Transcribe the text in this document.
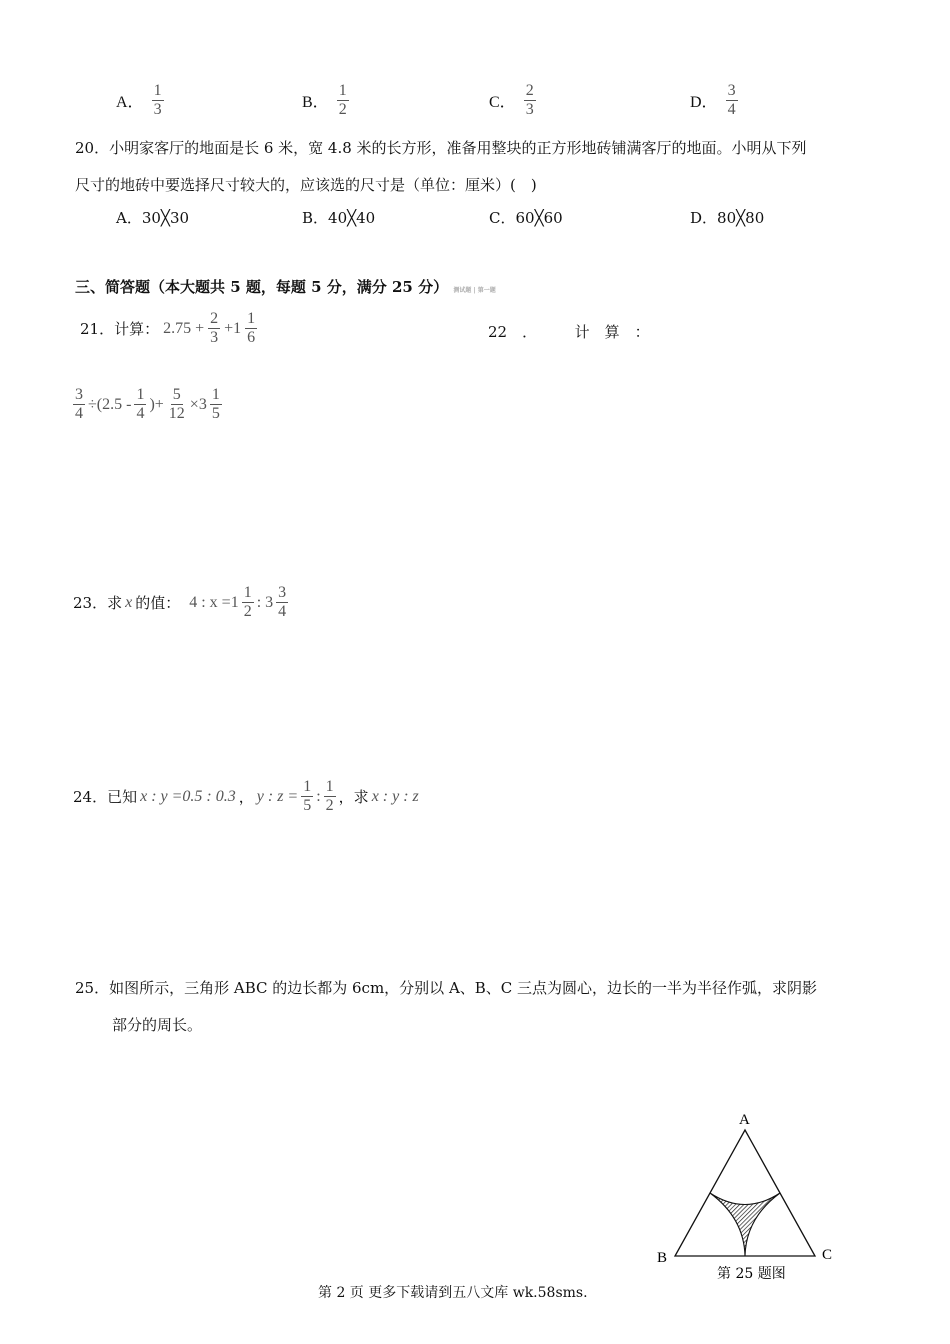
A． $\frac{1}{3}$	B． $\frac{1}{2}$	C． $\frac{2}{3}$	D． $\frac{3}{4}$
20．小明家客厅的地面是长 6 米，宽 4.8 米的长方形，准备用整块的正方形地砖铺满客厅的地面。小明从下列
尺寸的地砖中要选择尺寸较大的，应该选的尺寸是（单位：厘米）(　)
A．30╳30	B．40╳40	C．60╳60	D．80╳80
三、简答题（本大题共 5 题，每题 5 分，满分 25 分） 测试题 | 第一题
21．计算： $2.75 + \frac{2}{3} +1 \frac{1}{6}$	22　．　　　计　算　：
$\frac{3}{4} \div(2.5 - \frac{1}{4}$ )+ $\frac{5}{12} \times 3 \frac{1}{5}$
23．求 x 的值： 4 : $x =1 \frac{1}{2}$ : $3 \frac{3}{4}$
24．已知 x : y =0.5 : 0.3 ， y : $z = \frac{1}{5}$ : $\frac{1}{2}$ ，求 x : y : z
25．如图所示，三角形 ABC 的边长都为 6cm，分别以 A、B、C 三点为圆心，边长的一半为半径作弧，求阴影
部分的周长。
A
B	C
第 25 题图
第 2 页 更多下载请到五八文库 wk.58sms.
